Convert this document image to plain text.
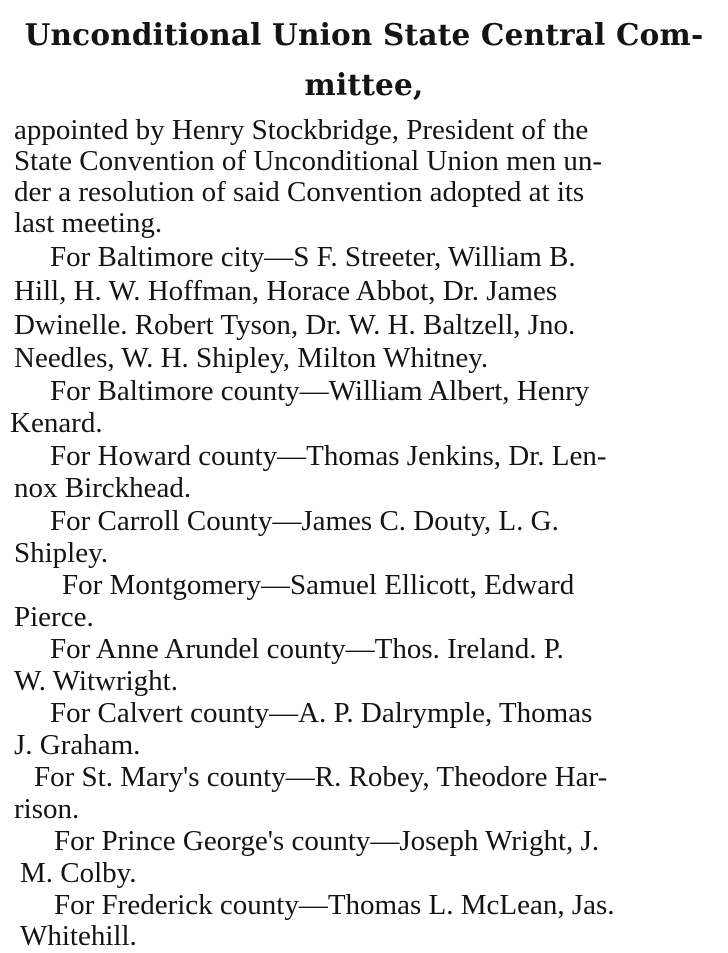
Unconditional Union State Central Com-
mittee,
appointed by Henry Stockbridge, President of the
State Convention of Unconditional Union men un-
der a resolution of said Convention adopted at its
last meeting.
For Baltimore city—S F. Streeter, William B.
Hill, H. W. Hoffman, Horace Abbot, Dr. James
Dwinelle. Robert Tyson, Dr. W. H. Baltzell, Jno.
Needles, W. H. Shipley, Milton Whitney.
For Baltimore county—William Albert, Henry
Kenard.
For Howard county—Thomas Jenkins, Dr. Len-
nox Birckhead.
For Carroll County—James C. Douty, L. G.
Shipley.
For Montgomery—Samuel Ellicott, Edward
Pierce.
For Anne Arundel county—Thos. Ireland. P.
W. Witwright.
For Calvert county—A. P. Dalrymple, Thomas
J. Graham.
For St. Mary's county—R. Robey, Theodore Har-
rison.
For Prince George's county—Joseph Wright, J.
M. Colby.
For Frederick county—Thomas L. McLean, Jas.
Whitehill.
